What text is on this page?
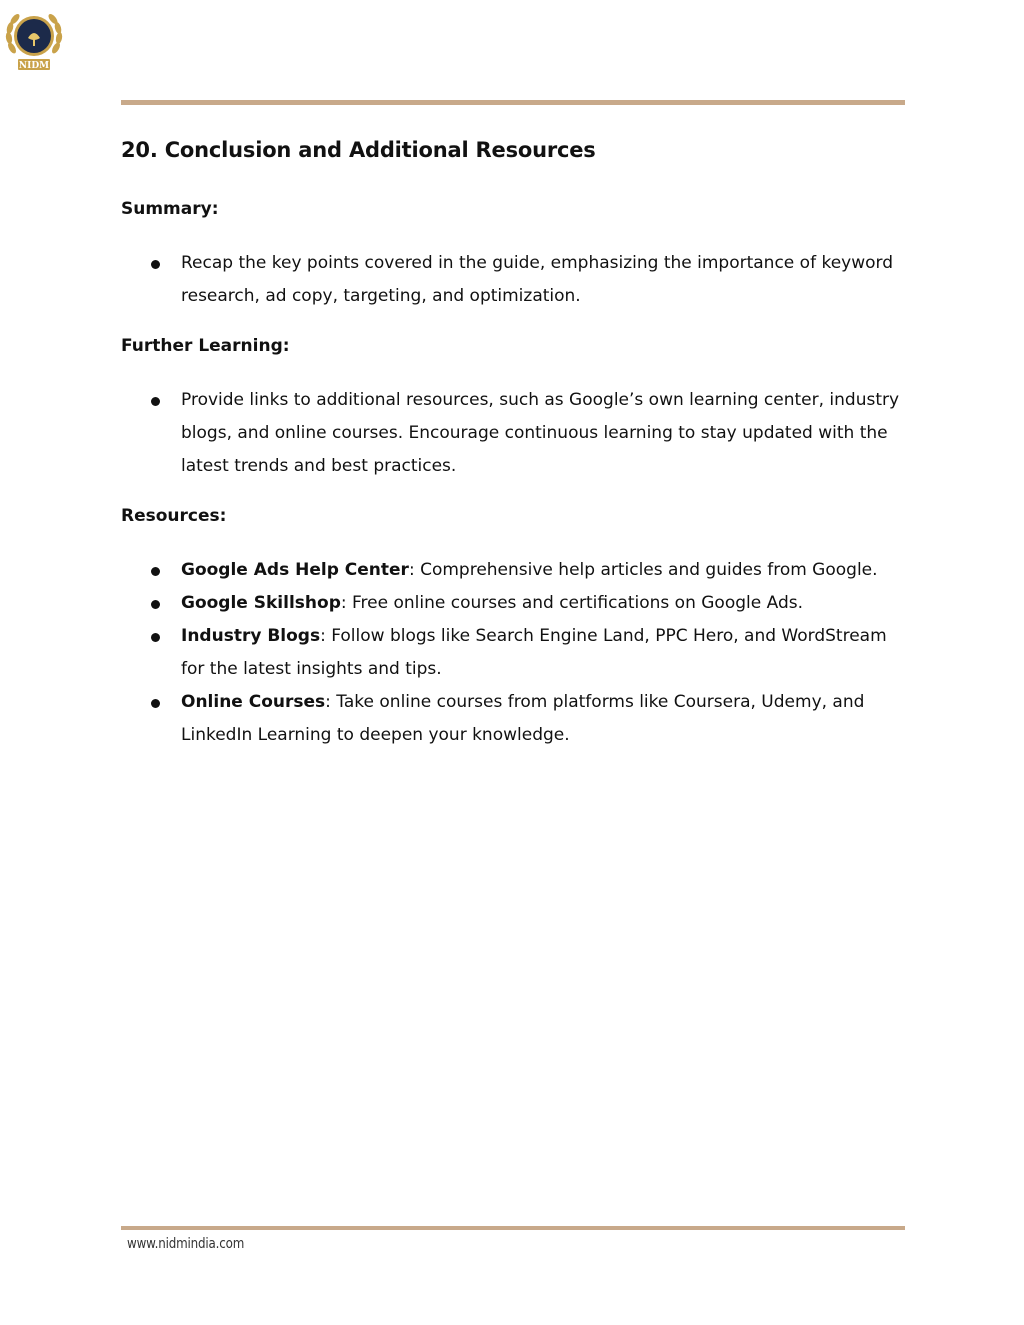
NIDM
20. Conclusion and Additional Resources

Summary:

Recap the key points covered in the guide, emphasizing the importance of keyword research, ad copy, targeting, and optimization.

Further Learning:

Provide links to additional resources, such as Google’s own learning center, industry blogs, and online courses. Encourage continuous learning to stay updated with the latest trends and best practices.

Resources:

Google Ads Help Center: Comprehensive help articles and guides from Google.
Google Skillshop: Free online courses and certifications on Google Ads.
Industry Blogs: Follow blogs like Search Engine Land, PPC Hero, and WordStream for the latest insights and tips.
Online Courses: Take online courses from platforms like Coursera, Udemy, and LinkedIn Learning to deepen your knowledge.
www.nidmindia.com
